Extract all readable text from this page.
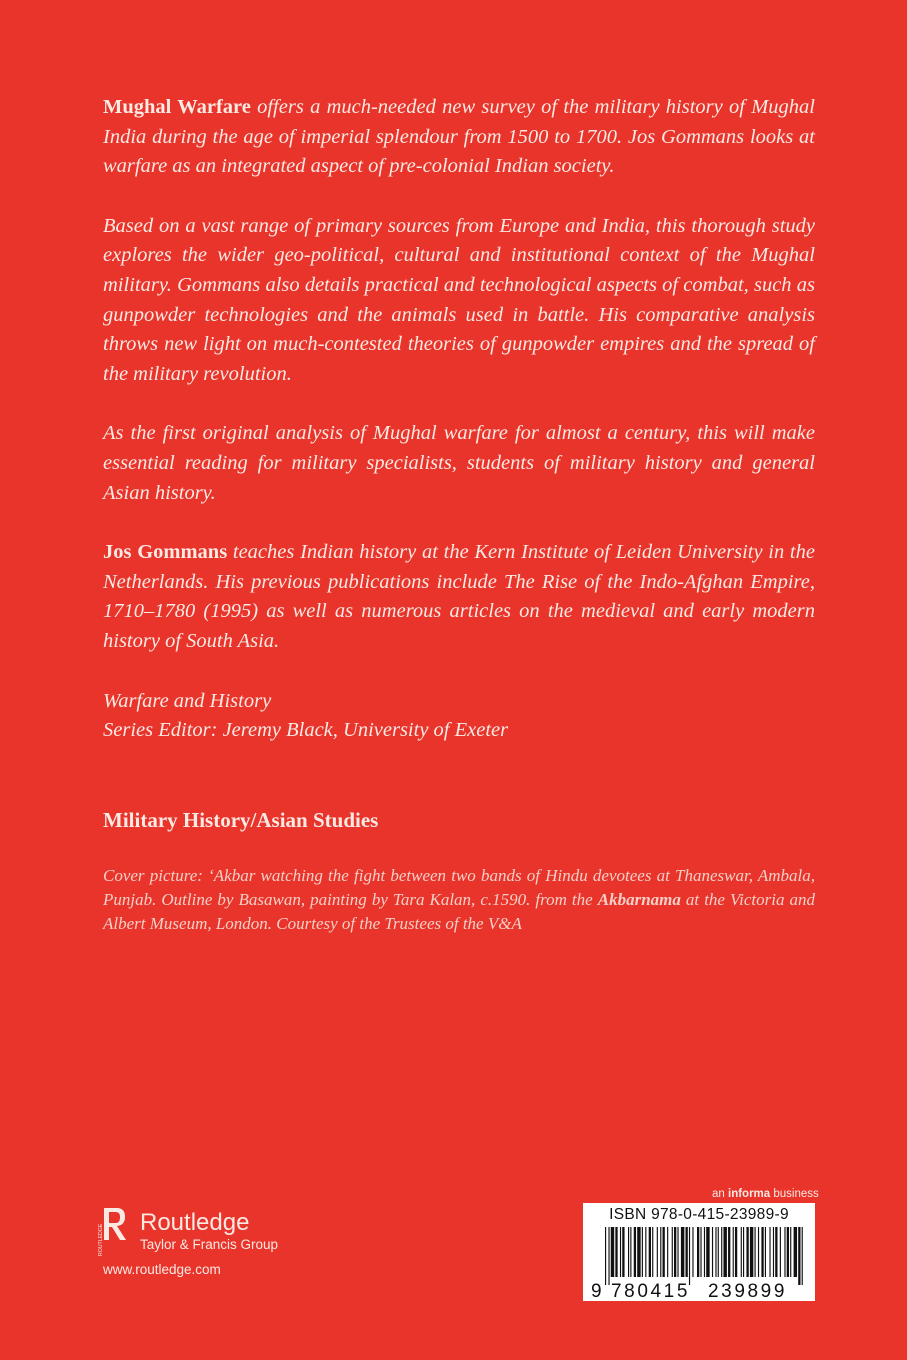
Mughal Warfare offers a much-needed new survey of the military history of Mughal India during the age of imperial splendour from 1500 to 1700. Jos Gommans looks at warfare as an integrated aspect of pre-colonial Indian society.

Based on a vast range of primary sources from Europe and India, this thorough study explores the wider geo-political, cultural and institutional context of the Mughal military. Gommans also details practical and technological aspects of combat, such as gunpowder technologies and the animals used in battle. His comparative analysis throws new light on much-contested theories of gunpowder empires and the spread of the military revolution.

As the first original analysis of Mughal warfare for almost a century, this will make essential reading for military specialists, students of military history and general Asian history.

Jos Gommans teaches Indian history at the Kern Institute of Leiden University in the Netherlands. His previous publications include The Rise of the Indo-Afghan Empire, 1710–1780 (1995) as well as numerous articles on the medieval and early modern history of South Asia.

Warfare and History
Series Editor: Jeremy Black, University of Exeter

Military History/Asian Studies

Cover picture: ‘Akbar watching the fight between two bands of Hindu devotees at Thaneswar, Ambala, Punjab. Outline by Basawan, painting by Tara Kalan, c.1590. from the Akbarnama at the Victoria and Albert Museum, London. Courtesy of the Trustees of the V&A

ROUTLEDGE
Routledge
Taylor & Francis Group
www.routledge.com
an informa business
ISBN 978-0-415-23989-9
9 780415 239899
